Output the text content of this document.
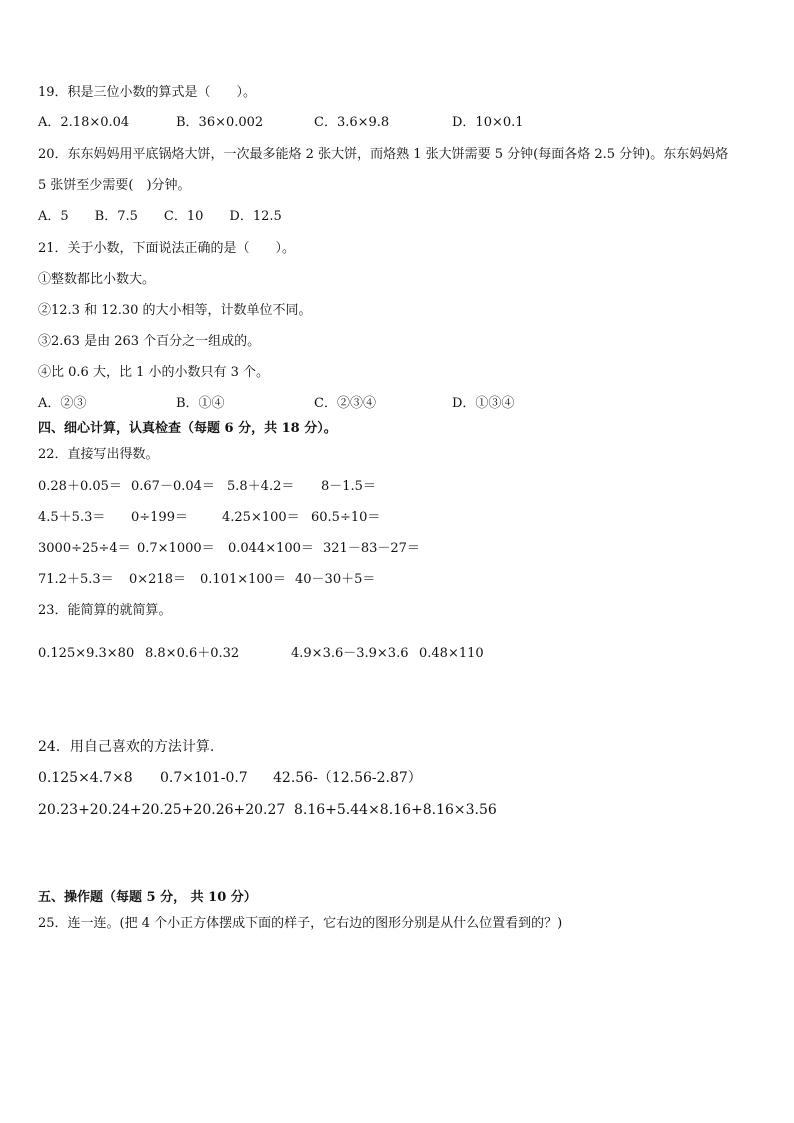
19．积是三位小数的算式是（　　）。
A．2.18×0.04	B．36×0.002	C．3.6×9.8	D．10×0.1
20．东东妈妈用平底锅烙大饼，一次最多能烙 2 张大饼，而烙熟 1 张大饼需要 5 分钟(每面各烙 2.5 分钟)。东东妈妈烙
5 张饼至少需要(　)分钟。
A．5 B．7.5 C．10 D．12.5
21．关于小数，下面说法正确的是（　　）。
①整数都比小数大。
②12.3 和 12.30 的大小相等，计数单位不同。
③2.63 是由 263 个百分之一组成的。
④比 0.6 大，比 1 小的小数只有 3 个。
A．②③	B．①④	C．②③④	D．①③④
四、细心计算，认真检查（每题 6 分，共 18 分）。
22．直接写出得数。
0.28＋0.05＝ 0.67－0.04＝ 5.8＋4.2＝	8－1.5＝
4.5＋5.3＝	0÷199＝	4.25×100＝ 60.5÷10＝
3000÷25÷4＝ 0.7×1000＝	0.044×100＝ 321－83－27＝
71.2＋5.3＝	0×218＝	0.101×100＝ 40－30＋5＝
23．能简算的就简算。
0.125×9.3×80 8.8×0.6＋0.32	4.9×3.6－3.9×3.6 0.48×110
24．用自己喜欢的方法计算.
0.125×4.7×8	0.7×101-0.7	42.56-（12.56-2.87）
20.23+20.24+20.25+20.26+20.27 8.16+5.44×8.16+8.16×3.56
五、操作题（每题 5 分， 共 10 分）
25．连一连。(把 4 个小正方体摆成下面的样子，它右边的图形分别是从什么位置看到的？)
